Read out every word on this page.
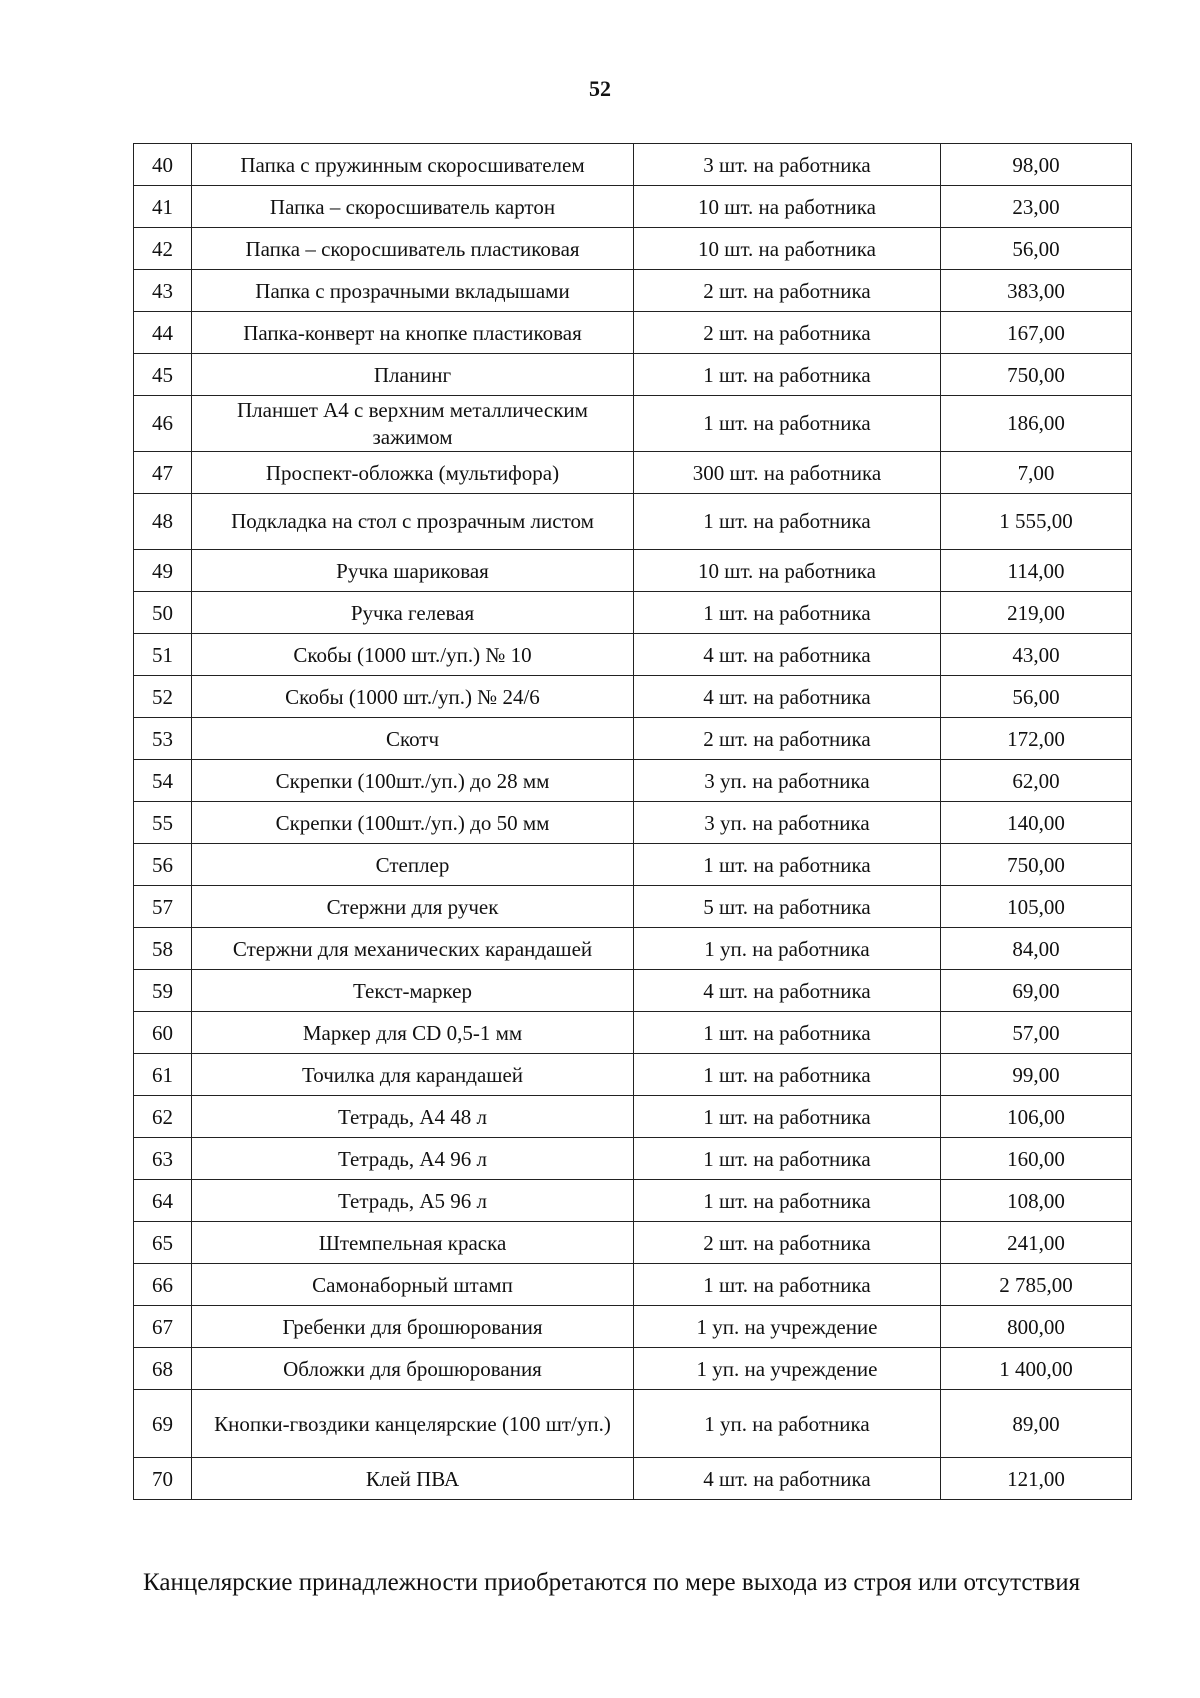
52
40	Папка с пружинным скоросшивателем	3 шт. на работника	98,00
41	Папка – скоросшиватель картон	10 шт. на работника	23,00
42	Папка – скоросшиватель пластиковая	10 шт. на работника	56,00
43	Папка с прозрачными вкладышами	2 шт. на работника	383,00
44	Папка-конверт на кнопке пластиковая	2 шт. на работника	167,00
45	Планинг	1 шт. на работника	750,00
46	Планшет А4 с верхним металлическим зажимом	1 шт. на работника	186,00
47	Проспект-обложка (мультифора)	300 шт. на работника	7,00
48	Подкладка на стол с прозрачным листом	1 шт. на работника	1 555,00
49	Ручка шариковая	10 шт. на работника	114,00
50	Ручка гелевая	1 шт. на работника	219,00
51	Скобы (1000 шт./уп.) № 10	4 шт. на работника	43,00
52	Скобы (1000 шт./уп.) № 24/6	4 шт. на работника	56,00
53	Скотч	2 шт. на работника	172,00
54	Скрепки (100шт./уп.) до 28 мм	3 уп. на работника	62,00
55	Скрепки (100шт./уп.) до 50 мм	3 уп. на работника	140,00
56	Степлер	1 шт. на работника	750,00
57	Стержни для ручек	5 шт. на работника	105,00
58	Стержни для механических карандашей	1 уп. на работника	84,00
59	Текст-маркер	4 шт. на работника	69,00
60	Маркер для CD 0,5-1 мм	1 шт. на работника	57,00
61	Точилка для карандашей	1 шт. на работника	99,00
62	Тетрадь, А4 48 л	1 шт. на работника	106,00
63	Тетрадь, А4 96 л	1 шт. на работника	160,00
64	Тетрадь, А5 96 л	1 шт. на работника	108,00
65	Штемпельная краска	2 шт. на работника	241,00
66	Самонаборный штамп	1 шт. на работника	2 785,00
67	Гребенки для брошюрования	1 уп. на учреждение	800,00
68	Обложки для брошюрования	1 уп. на учреждение	1 400,00
69	Кнопки-гвоздики канцелярские (100 шт/уп.)	1 уп. на работника	89,00
70	Клей ПВА	4 шт. на работника	121,00

Канцелярские принадлежности приобретаются по мере выхода из строя или отсутствия
